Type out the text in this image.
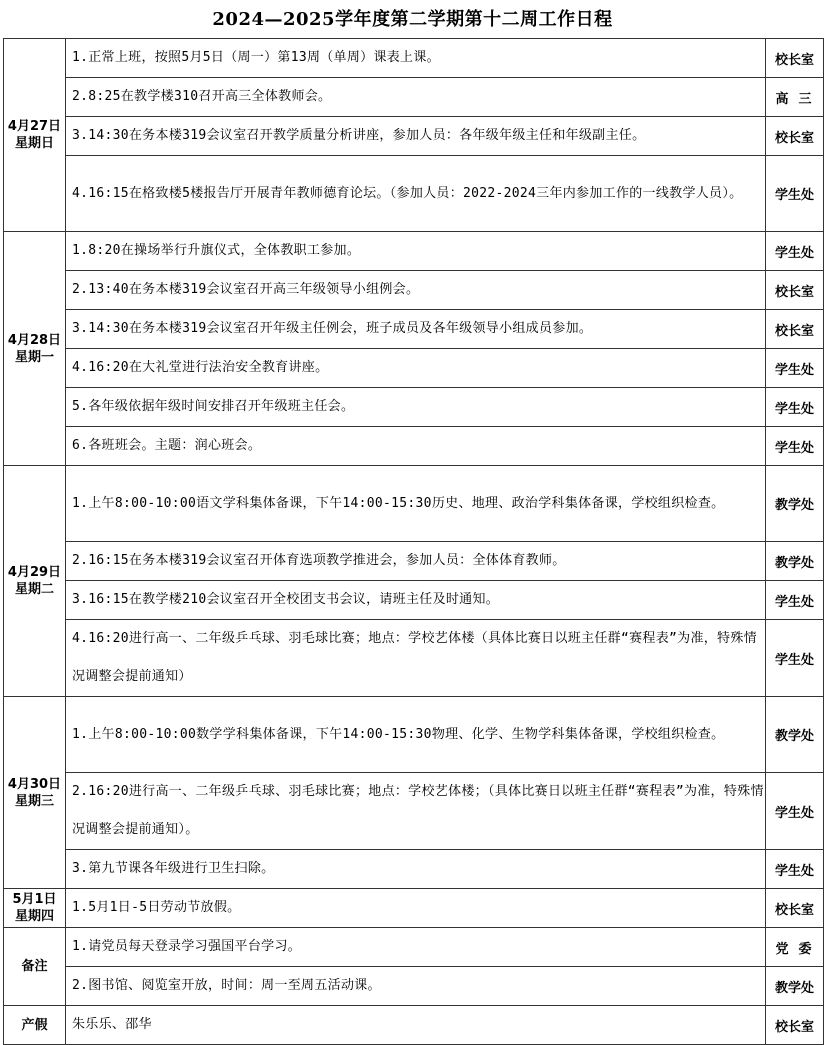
2024—2025学年度第二学期第十二周工作日程
4月27日
星期日	1.正常上班，按照5月5日（周一）第13周（单周）课表上课。	校长室
	2.8:25在教学楼310召开高三全体教师会。	高三
	3.14:30在务本楼319会议室召开教学质量分析讲座，参加人员：各年级年级主任和年级副主任。	校长室
	4.16:15在格致楼5楼报告厅开展青年教师德育论坛。（参加人员：2022-2024三年内参加工作的一线教学人员）。	学生处

4月28日
星期一	1.8:20在操场举行升旗仪式，全体教职工参加。	学生处
	2.13:40在务本楼319会议室召开高三年级领导小组例会。	校长室
	3.14:30在务本楼319会议室召开年级主任例会，班子成员及各年级领导小组成员参加。	校长室
	4.16:20在大礼堂进行法治安全教育讲座。	学生处
	5.各年级依据年级时间安排召开年级班主任会。	学生处
	6.各班班会。主题：润心班会。	学生处

4月29日
星期二	1.上午8:00-10:00语文学科集体备课，下午14:00-15:30历史、地理、政治学科集体备课，学校组织检查。	教学处
	2.16:15在务本楼319会议室召开体育选项教学推进会，参加人员：全体体育教师。	教学处
	3.16:15在教学楼210会议室召开全校团支书会议，请班主任及时通知。	学生处
	4.16:20进行高一、二年级乒乓球、羽毛球比赛；地点：学校艺体楼（具体比赛日以班主任群“赛程表”为准，特殊情况调整会提前通知）	学生处

4月30日
星期三	1.上午8:00-10:00数学学科集体备课，下午14:00-15:30物理、化学、生物学科集体备课，学校组织检查。	教学处
	2.16:20进行高一、二年级乒乓球、羽毛球比赛；地点：学校艺体楼；（具体比赛日以班主任群“赛程表”为准，特殊情况调整会提前通知）。	学生处
	3.第九节课各年级进行卫生扫除。	学生处

5月1日
星期四	1.5月1日-5日劳动节放假。	校长室
备注	1.请党员每天登录学习强国平台学习。	党委
	2.图书馆、阅览室开放，时间：周一至周五活动课。	教学处
产假	朱乐乐、邵华	校长室
